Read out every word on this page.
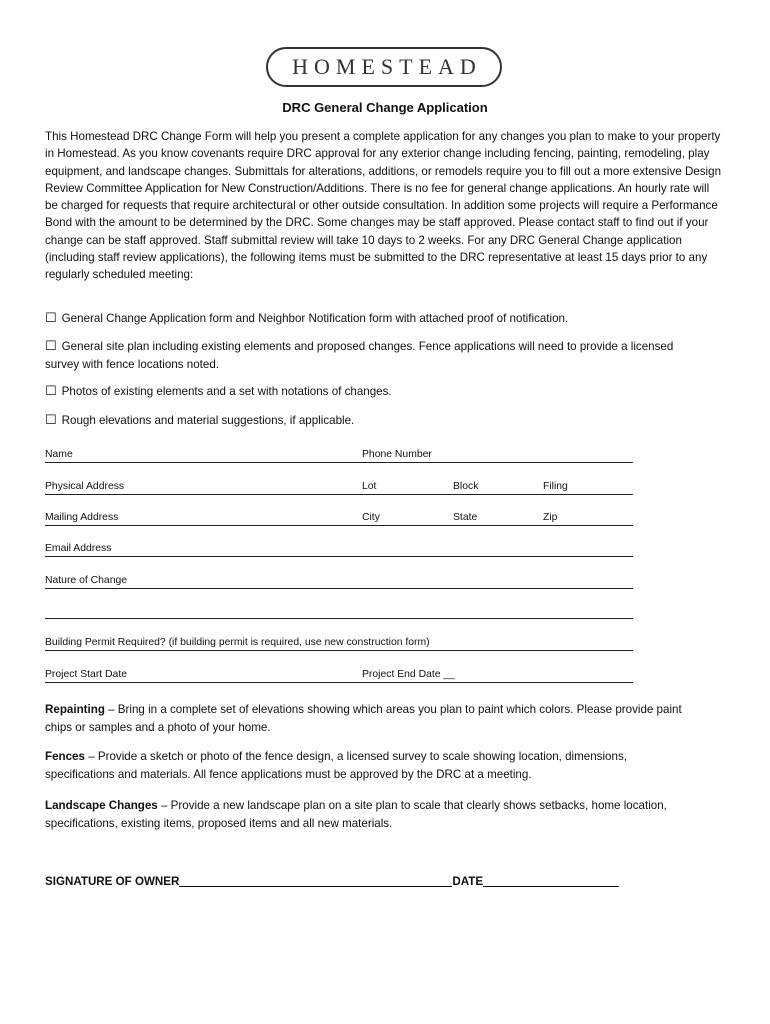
HOMESTEAD
DRC General Change Application

This Homestead DRC Change Form will help you present a complete application for any changes you plan to make to your property in Homestead. As you know covenants require DRC approval for any exterior change including fencing, painting, remodeling, play equipment, and landscape changes. Submittals for alterations, additions, or remodels require you to fill out a more extensive Design Review Committee Application for New Construction/Additions. There is no fee for general change applications. An hourly rate will be charged for requests that require architectural or other outside consultation. In addition some projects will require a Performance Bond with the amount to be determined by the DRC. Some changes may be staff approved. Please contact staff to find out if your change can be staff approved. Staff submittal review will take 10 days to 2 weeks. For any DRC General Change application (including staff review applications), the following items must be submitted to the DRC representative at least 15 days prior to any regularly scheduled meeting:

☐ General Change Application form and Neighbor Notification form with attached proof of notification.
☐ General site plan including existing elements and proposed changes. Fence applications will need to provide a licensed survey with fence locations noted.
☐ Photos of existing elements and a set with notations of changes.
☐ Rough elevations and material suggestions, if applicable.
Name	Phone Number
Physical Address	Lot	Block	Filing
Mailing Address	City	State	Zip
Email Address
Nature of Change
Building Permit Required? (if building permit is required, use new construction form)
Project Start Date	Project End Date __

Repainting – Bring in a complete set of elevations showing which areas you plan to paint which colors. Please provide paint chips or samples and a photo of your home.

Fences – Provide a sketch or photo of the fence design, a licensed survey to scale showing location, dimensions, specifications and materials. All fence applications must be approved by the DRC at a meeting.

Landscape Changes – Provide a new landscape plan on a site plan to scale that clearly shows setbacks, home location, specifications, existing items, proposed items and all new materials.

SIGNATURE OF OWNER	DATE
